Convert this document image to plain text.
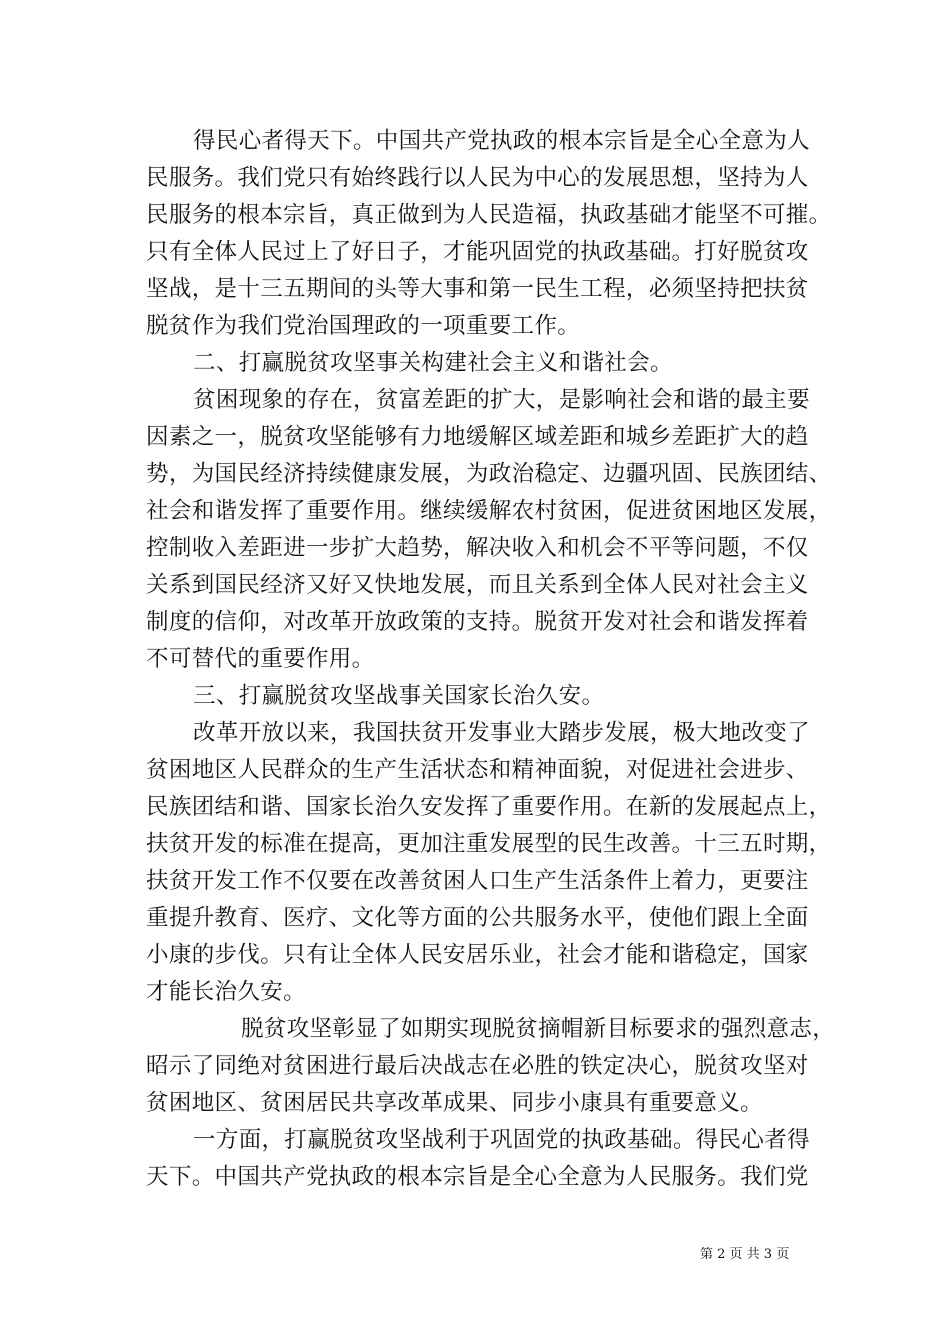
得民心者得天下。中国共产党执政的根本宗旨是全心全意为人
民服务。我们党只有始终践行以人民为中心的发展思想，坚持为人
民服务的根本宗旨，真正做到为人民造福，执政基础才能坚不可摧。
只有全体人民过上了好日子，才能巩固党的执政基础。打好脱贫攻
坚战，是十三五期间的头等大事和第一民生工程，必须坚持把扶贫
脱贫作为我们党治国理政的一项重要工作。
二、打赢脱贫攻坚事关构建社会主义和谐社会。
贫困现象的存在，贫富差距的扩大，是影响社会和谐的最主要
因素之一，脱贫攻坚能够有力地缓解区域差距和城乡差距扩大的趋
势，为国民经济持续健康发展，为政治稳定、边疆巩固、民族团结、
社会和谐发挥了重要作用。继续缓解农村贫困，促进贫困地区发展，
控制收入差距进一步扩大趋势，解决收入和机会不平等问题，不仅
关系到国民经济又好又快地发展，而且关系到全体人民对社会主义
制度的信仰，对改革开放政策的支持。脱贫开发对社会和谐发挥着
不可替代的重要作用。
三、打赢脱贫攻坚战事关国家长治久安。
改革开放以来，我国扶贫开发事业大踏步发展，极大地改变了
贫困地区人民群众的生产生活状态和精神面貌，对促进社会进步、
民族团结和谐、国家长治久安发挥了重要作用。在新的发展起点上，
扶贫开发的标准在提高，更加注重发展型的民生改善。十三五时期，
扶贫开发工作不仅要在改善贫困人口生产生活条件上着力，更要注
重提升教育、医疗、文化等方面的公共服务水平，使他们跟上全面
小康的步伐。只有让全体人民安居乐业，社会才能和谐稳定，国家
才能长治久安。
脱贫攻坚彰显了如期实现脱贫摘帽新目标要求的强烈意志，
昭示了同绝对贫困进行最后决战志在必胜的铁定决心，脱贫攻坚对
贫困地区、贫困居民共享改革成果、同步小康具有重要意义。
一方面，打赢脱贫攻坚战利于巩固党的执政基础。得民心者得
天下。中国共产党执政的根本宗旨是全心全意为人民服务。我们党
第 2 页 共 3 页
